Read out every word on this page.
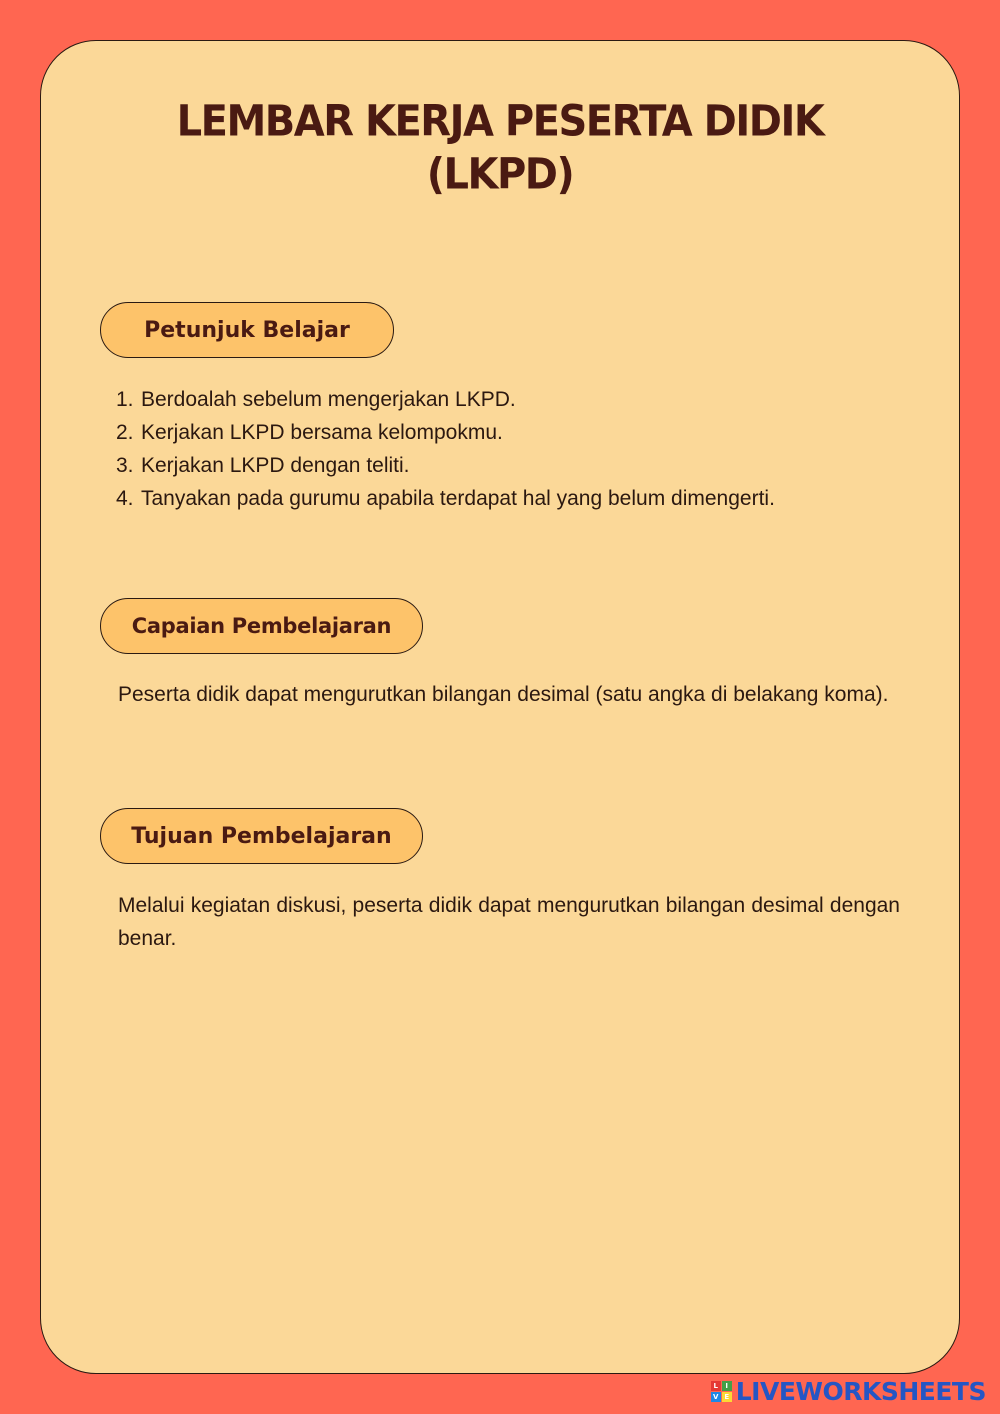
LEMBAR KERJA PESERTA DIDIK
(LKPD)
Petunjuk Belajar
1. Berdoalah sebelum mengerjakan LKPD.
2. Kerjakan LKPD bersama kelompokmu.
3. Kerjakan LKPD dengan teliti.
4. Tanyakan pada gurumu apabila terdapat hal yang belum dimengerti.
Capaian Pembelajaran

Peserta didik dapat mengurutkan bilangan desimal (satu angka di belakang koma).

Tujuan Pembelajaran

Melalui kegiatan diskusi, peserta didik dapat mengurutkan bilangan desimal dengan benar.

L	I
V E LIVEWORKSHEETS
